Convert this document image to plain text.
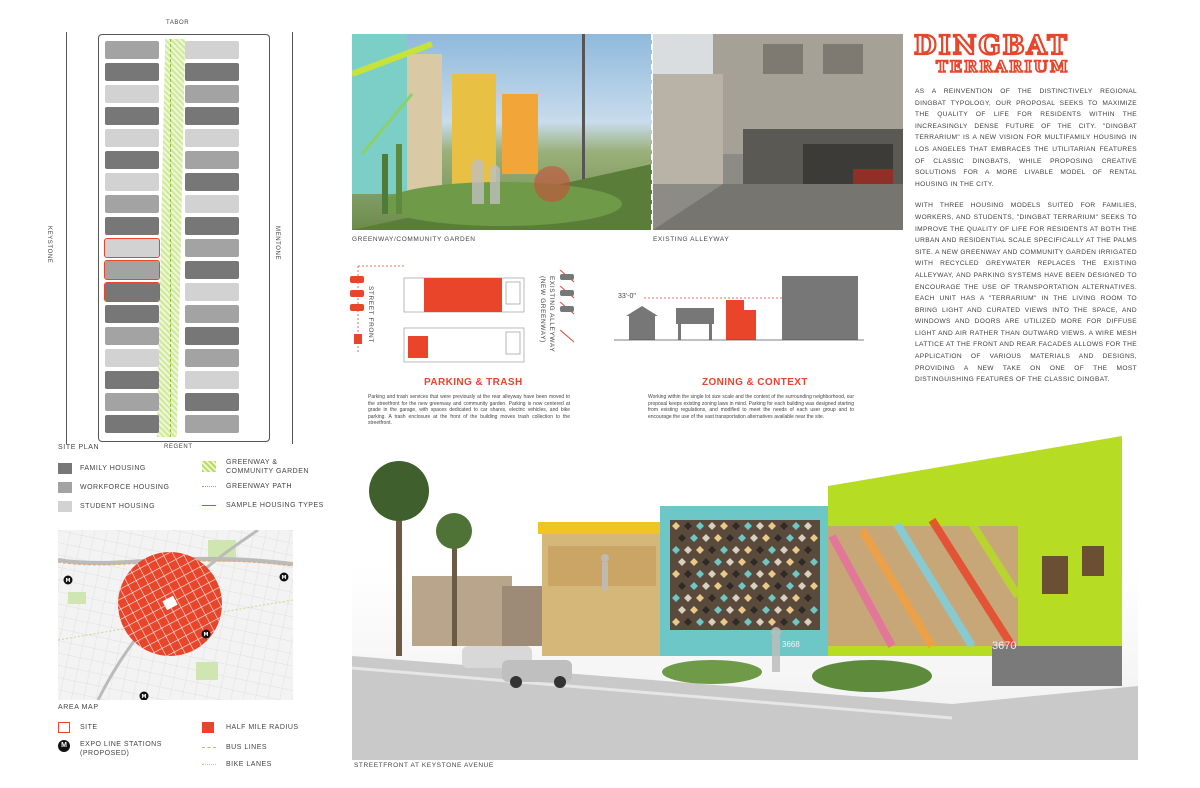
DINGBAT
TERRARIUM

AS A REINVENTION OF THE DISTINCTIVELY REGIONAL DINGBAT TYPOLOGY, OUR PROPOSAL SEEKS TO MAXIMIZE THE QUALITY OF LIFE FOR RESIDENTS WITHIN THE INCREASINGLY DENSE FUTURE OF THE CITY. "DINGBAT TERRARIUM" IS A NEW VISION FOR MULTIFAMILY HOUSING IN LOS ANGELES THAT EMBRACES THE UTILITARIAN FEATURES OF CLASSIC DINGBATS, WHILE PROPOSING CREATIVE SOLUTIONS FOR A MORE LIVABLE MODEL OF RENTAL HOUSING IN THE CITY.

WITH THREE HOUSING MODELS SUITED FOR FAMILIES, WORKERS, AND STUDENTS, "DINGBAT TERRARIUM" SEEKS TO IMPROVE THE QUALITY OF LIFE FOR RESIDENTS AT BOTH THE URBAN AND RESIDENTIAL SCALE SPECIFICALLY AT THE PALMS SITE. A NEW GREENWAY AND COMMUNITY GARDEN IRRIGATED WITH RECYCLED GREYWATER REPLACES THE EXISTING ALLEYWAY, AND PARKING SYSTEMS HAVE BEEN DESIGNED TO ENCOURAGE THE USE OF TRANSPORTATION ALTERNATIVES. EACH UNIT HAS A "TERRARIUM" IN THE LIVING ROOM TO BRING LIGHT AND CURATED VIEWS INTO THE SPACE, AND WINDOWS AND DOORS ARE UTILIZED MORE FOR DIFFUSE LIGHT AND AIR RATHER THAN OUTWARD VIEWS. A WIRE MESH LATTICE AT THE FRONT AND REAR FACADES ALLOWS FOR THE APPLICATION OF VARIOUS MATERIALS AND DESIGNS, PROVIDING A NEW TAKE ON ONE OF THE MOST DISTINGUISHING FEATURES OF THE CLASSIC DINGBAT.

TABOR
REGENT
KEYSTONE	MENTONE
SITE PLAN
FAMILY HOUSING
WORKFORCE HOUSING
STUDENT HOUSING
GREENWAY &
COMMUNITY GARDEN
GREENWAY PATH
SAMPLE HOUSING TYPES
M	M
M
M
AREA MAP
SITE
M	EXPO LINE STATIONS
(PROPOSED)
HALF MILE RADIUS
BUS LINES
BIKE LANES
GREENWAY/COMMUNITY GARDEN	EXISTING ALLEYWAY
STREET FRONT	EXISTING ALLEYWAY
(NEW GREENWAY)
PARKING & TRASH
Parking and trash services that were previously at the rear alleyway have been moved to the streetfront for the new greenway and community garden. Parking is now centered at grade in the garage, with spaces dedicated to car shares, electric vehicles, and bike parking. A trash enclosure at the front of the building moves trash collection to the streetfront.
33'-0"
ZONING & CONTEXT
Working within the single lot size scale and the context of the surrounding neighborhood, our proposal keeps existing zoning laws in mind. Parking for each building was designed starting from existing regulations, and modified to meet the needs of each user group and to encourage the use of the vast transportation alternatives available near the site.
3668	3670
STREETFRONT AT KEYSTONE AVENUE
